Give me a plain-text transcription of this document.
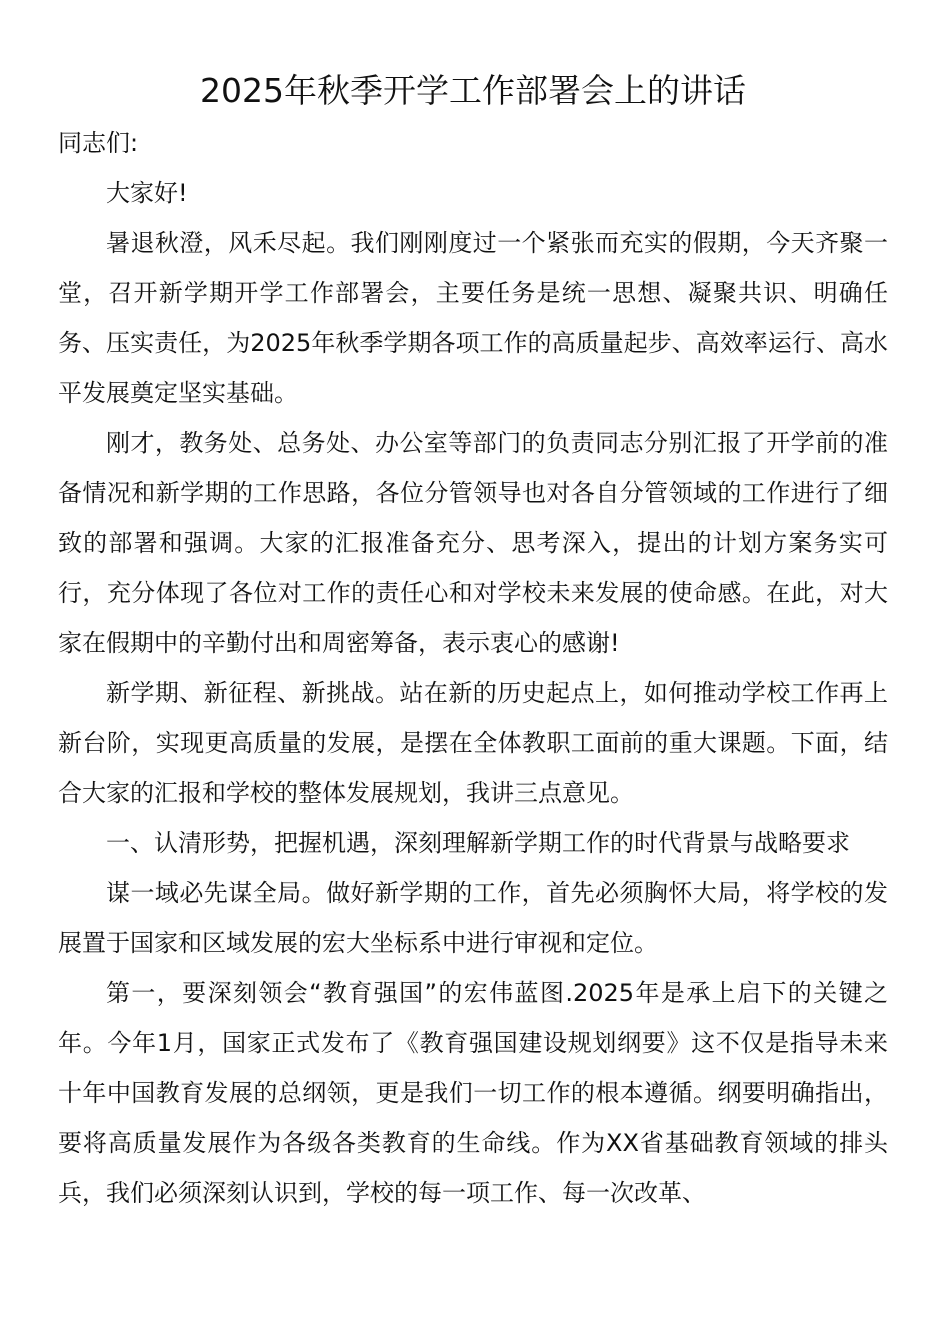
2025年秋季开学工作部署会上的讲话

同志们:

大家好!

暑退秋澄，风禾尽起。我们刚刚度过一个紧张而充实的假期，今天齐聚一堂，召开新学期开学工作部署会，主要任务是统一思想、凝聚共识、明确任务、压实责任，为2025年秋季学期各项工作的高质量起步、高效率运行、高水平发展奠定坚实基础。

刚才，教务处、总务处、办公室等部门的负责同志分别汇报了开学前的准备情况和新学期的工作思路，各位分管领导也对各自分管领域的工作进行了细致的部署和强调。大家的汇报准备充分、思考深入，提出的计划方案务实可行，充分体现了各位对工作的责任心和对学校未来发展的使命感。在此，对大家在假期中的辛勤付出和周密筹备，表示衷心的感谢!

新学期、新征程、新挑战。站在新的历史起点上，如何推动学校工作再上新台阶，实现更高质量的发展，是摆在全体教职工面前的重大课题。下面，结合大家的汇报和学校的整体发展规划，我讲三点意见。

一、认清形势，把握机遇，深刻理解新学期工作的时代背景与战略要求

谋一域必先谋全局。做好新学期的工作，首先必须胸怀大局，将学校的发展置于国家和区域发展的宏大坐标系中进行审视和定位。

第一，要深刻领会“教育强国”的宏伟蓝图.2025年是承上启下的关键之年。今年1月，国家正式发布了《教育强国建设规划纲要》这不仅是指导未来十年中国教育发展的总纲领，更是我们一切工作的根本遵循。纲要明确指出，要将高质量发展作为各级各类教育的生命线。作为XX省基础教育领域的排头兵，我们必须深刻认识到，学校的每一项工作、每一次改革、
